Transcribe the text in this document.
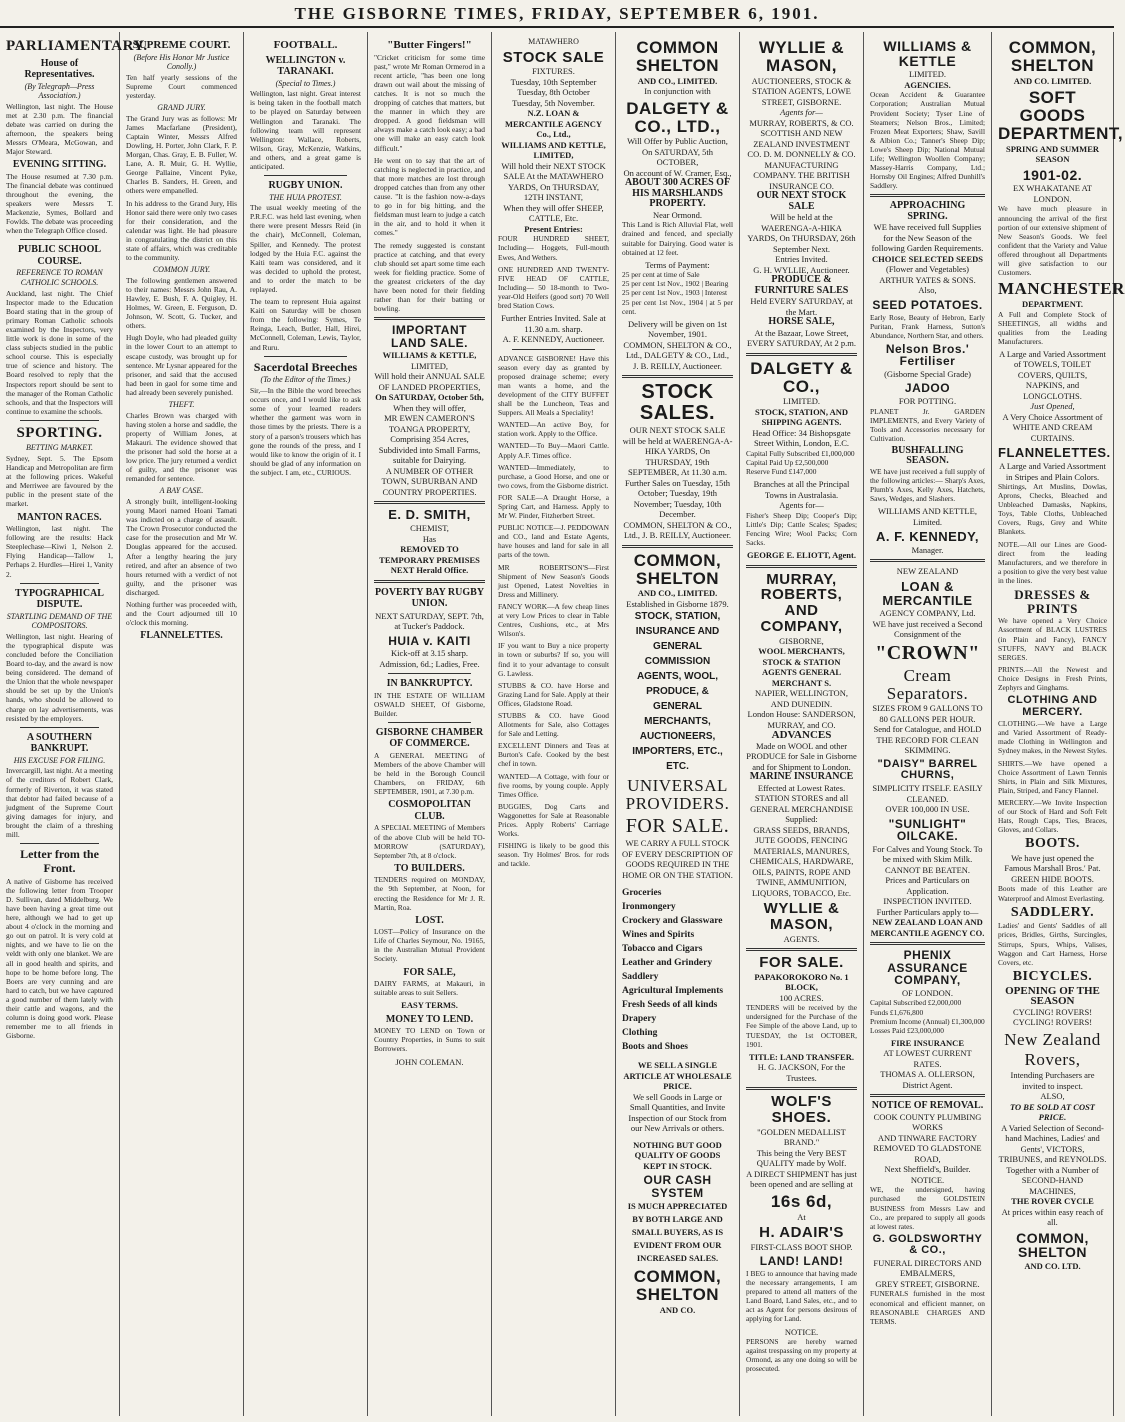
THE GISBORNE TIMES, FRIDAY, SEPTEMBER 6, 1901.
PARLIAMENTARY.
House of Representatives.
(By Telegraph—Press Association.)
Wellington, last night. The House met at 2.30 p.m. The financial debate was carried on during the afternoon, the speakers being Messrs O'Meara, McGowan, and Major Steward.
EVENING SITTING.
The House resumed at 7.30 p.m. The financial debate was continued throughout the evening, the speakers were Messrs T. Mackenzie, Symes, Bollard and Fowlds. The debate was proceeding when the Telegraph Office closed.
PUBLIC SCHOOL COURSE.
REFERENCE TO ROMAN CATHOLIC SCHOOLS.
Auckland, last night. The Chief Inspector made to the Education Board stating that in the group of primary Roman Catholic schools examined by the Inspectors, very little work is done in some of the class subjects studied in the public school course. This is especially true of science and history. The Board resolved to reply that the Inspectors report should be sent to the manager of the Roman Catholic schools, and that the Inspectors will continue to examine the schools.
SPORTING.
BETTING MARKET.
Sydney, Sept. 5. The Epsom Handicap and Metropolitan are firm at the following prices. Wakeful and Merriwee are favoured by the public in the present state of the market.
MANTON RACES.
Wellington, last night. The following are the results: Hack Steeplechase—Kiwi 1, Nelson 2. Flying Handicap—Tallow 1, Perhaps 2. Hurdles—Hirei 1, Vanity 2.
TYPOGRAPHICAL DISPUTE.
STARTLING DEMAND OF THE COMPOSITORS.
Wellington, last night. Hearing of the typographical dispute was concluded before the Conciliation Board to-day, and the award is now being considered. The demand of the Union that the whole newspaper should be set up by the Union's hands, who should be allowed to charge on lay advertisements, was resisted by the employers.
A SOUTHERN BANKRUPT.
HIS EXCUSE FOR FILING.
Invercargill, last night. At a meeting of the creditors of Robert Clark, formerly of Riverton, it was stated that debtor had failed because of a judgment of the Supreme Court giving damages for injury, and brought the claim of a threshing mill.
Letter from the Front.
A native of Gisborne has received the following letter from Trooper D. Sullivan, dated Middelburg. We have been having a great time out here, although we had to get up about 4 o'clock in the morning and go out on patrol. It is very cold at nights, and we have to lie on the veldt with only one blanket. We are all in good health and spirits, and hope to be home before long. The Boers are very cunning and are hard to catch, but we have captured a good number of them lately with their cattle and wagons, and the column is doing good work. Please remember me to all friends in Gisborne.
SUPREME COURT.
(Before His Honor Mr Justice Conolly.)
Ten half yearly sessions of the Supreme Court commenced yesterday.
GRAND JURY.
The Grand Jury was as follows: Mr James Macfarlane (President), Captain Winter, Messrs Alfred Dowling, H. Porter, John Clark, F. P. Morgan, Chas. Gray, E. B. Fuller, W. Lane, A. R. Muir, G. H. Wyllie, George Pallaine, Vincent Pyke, Charles B. Sanders, H. Green, and others were empanelled.
In his address to the Grand Jury, His Honor said there were only two cases for their consideration, and the calendar was light. He had pleasure in congratulating the district on this state of affairs, which was creditable to the community.
COMMON JURY.
The following gentlemen answered to their names: Messrs John Rau, A. Hawley, E. Bush, F. A. Quigley, H. Holmes, W. Green, E. Ferguson, D. Johnson, W. Scott, G. Tucker, and others.
Hugh Doyle, who had pleaded guilty in the lower Court to an attempt to escape custody, was brought up for sentence. Mr Lysnar appeared for the prisoner, and said that the accused had been in gaol for some time and had already been severely punished.
THEFT.
Charles Brown was charged with having stolen a horse and saddle, the property of William Jones, at Makauri. The evidence showed that the prisoner had sold the horse at a low price. The jury returned a verdict of guilty, and the prisoner was remanded for sentence.
A BAY CASE.
A strongly built, intelligent-looking young Maori named Hoani Tamati was indicted on a charge of assault. The Crown Prosecutor conducted the case for the prosecution and Mr W. Douglas appeared for the accused. After a lengthy hearing the jury retired, and after an absence of two hours returned with a verdict of not guilty, and the prisoner was discharged.
Nothing further was proceeded with, and the Court adjourned till 10 o'clock this morning.
FLANNELETTES.
FOOTBALL.
WELLINGTON v. TARANAKI.
(Special to Times.)
Wellington, last night. Great interest is being taken in the football match to be played on Saturday between Wellington and Taranaki. The following team will represent Wellington: Wallace, Roberts, Wilson, Gray, McKenzie, Watkins, and others, and a great game is anticipated.
RUGBY UNION.
THE HUIA PROTEST.
The usual weekly meeting of the P.R.F.C. was held last evening, when there were present Messrs Reid (in the chair), McConnell, Coleman, Spiller, and Kennedy. The protest lodged by the Huia F.C. against the Kaiti team was considered, and it was decided to uphold the protest, and to order the match to be replayed.
The team to represent Huia against Kaiti on Saturday will be chosen from the following: Symes, Te Reinga, Leach, Butler, Hall, Hirei, McConnell, Coleman, Lewis, Taylor, and Ruru.
Sacerdotal Breeches
(To the Editor of the Times.)
Sir,—In the Bible the word breeches occurs once, and I would like to ask some of your learned readers whether the garment was worn in those times by the priests. There is a story of a parson's trousers which has gone the rounds of the press, and I would like to know the origin of it. I should be glad of any information on the subject. I am, etc., CURIOUS.
"Butter Fingers!"
"Cricket criticism for some time past," wrote Mr Roman Ormerod in a recent article, "has been one long drawn out wail about the missing of catches. It is not so much the dropping of catches that matters, but the manner in which they are dropped. A good fieldsman will always make a catch look easy; a bad one will make an easy catch look difficult."
He went on to say that the art of catching is neglected in practice, and that more matches are lost through dropped catches than from any other cause. "It is the fashion now-a-days to go in for big hitting, and the fieldsman must learn to judge a catch in the air, and to hold it when it comes."
The remedy suggested is constant practice at catching, and that every club should set apart some time each week for fielding practice. Some of the greatest cricketers of the day have been noted for their fielding rather than for their batting or bowling.
IMPORTANT LAND SALE.
WILLIAMS & KETTLE,
LIMITED,
Will hold their ANNUAL SALE OF LANDED PROPERTIES,
On SATURDAY, October 5th,
When they will offer,
MR EWEN CAMERON'S TOANGA PROPERTY, Comprising 354 Acres, Subdivided into Small Farms, suitable for Dairying.
A NUMBER OF OTHER TOWN, SUBURBAN AND COUNTRY PROPERTIES.
E. D. SMITH,
CHEMIST,
Has
REMOVED TO TEMPORARY PREMISES NEXT Herald Office.
POVERTY BAY RUGBY UNION.
NEXT SATURDAY, SEPT. 7th, at Tucker's Paddock.
HUIA v. KAITI
Kick-off at 3.15 sharp.
Admission, 6d.; Ladies, Free.
IN BANKRUPTCY.
IN THE ESTATE OF WILLIAM OSWALD SHEET, Of Gisborne, Builder.
GISBORNE CHAMBER OF COMMERCE.
A GENERAL MEETING of Members of the above Chamber will be held in the Borough Council Chambers, on FRIDAY, 6th SEPTEMBER, 1901, at 7.30 p.m.
COSMOPOLITAN CLUB.
A SPECIAL MEETING of Members of the above Club will be held TO-MORROW (SATURDAY), September 7th, at 8 o'clock.
TO BUILDERS.
TENDERS required on MONDAY, the 9th September, at Noon, for erecting the Residence for Mr J. R. Martin, Roa.
LOST.
LOST—Policy of Insurance on the Life of Charles Seymour, No. 19165, in the Australian Mutual Provident Society.
FOR SALE,
DAIRY FARMS, at Makauri, in suitable areas to suit Sellers.
EASY TERMS.
MONEY TO LEND.
MONEY TO LEND on Town or Country Properties, in Sums to suit Borrowers.
JOHN COLEMAN.
MATAWHERO
STOCK SALE
FIXTURES.
Tuesday, 10th September
Tuesday, 8th October
Tuesday, 5th November.
N.Z. LOAN & MERCANTILE AGENCY Co., Ltd.,
WILLIAMS AND KETTLE, LIMITED,
Will hold their NEXT STOCK SALE At the MATAWHERO YARDS, On THURSDAY, 12TH INSTANT,
When they will offer SHEEP, CATTLE, Etc.
Present Entries:
FOUR HUNDRED SHEET, Including— Hoggets, Full-mouth Ewes, And Wethers.
ONE HUNDRED AND TWENTY-FIVE HEAD OF CATTLE, Including— 50 18-month to Two-year-Old Heifers (good sort) 70 Well bred Station Cows.
Further Entries Invited. Sale at 11.30 a.m. sharp.
A. F. KENNEDY, Auctioneer.
ADVANCE GISBORNE! Have this season every day as granted by proposed drainage scheme; every man wants a home, and the development of the CITY BUFFET shall be the Luncheon, Teas and Suppers. All Meals a Speciality!
WANTED—An active Boy, for station work. Apply to the Office.
WANTED—To Buy—Maori Cattle. Apply A.F. Times office.
WANTED—Immediately, to purchase, a Good Horse, and one or two cows, from the Gisborne district.
FOR SALE—A Draught Horse, a Spring Cart, and Harness. Apply to Mr W. Pinder, Fitzherbert Street.
PUBLIC NOTICE—J. PEDDOWAN and CO., land and Estate Agents, have houses and land for sale in all parts of the town.
MR ROBERTSON'S—First Shipment of New Season's Goods just Opened, Latest Novelties in Dress and Millinery.
FANCY WORK—A few cheap lines at very Low Prices to clear in Table Centres, Cushions, etc., at Mrs Wilson's.
IF you want to Buy a nice property in town or suburbs? If so, you will find it to your advantage to consult G. Lawless.
STUBBS & CO. have Horse and Grazing Land for Sale. Apply at their Offices, Gladstone Road.
STUBBS & CO. have Good Allotments for Sale, also Cottages for Sale and Letting.
EXCELLENT Dinners and Teas at Burton's Cafe. Cooked by the best chef in town.
WANTED—A Cottage, with four or five rooms, by young couple. Apply Times Office.
BUGGIES, Dog Carts and Waggonettes for Sale at Reasonable Prices. Apply Roberts' Carriage Works.
FISHING is likely to be good this season. Try Holmes' Bros. for rods and tackle.
COMMON SHELTON
AND CO., LIMITED.
In conjunction with
DALGETY & CO., LTD.,
Will Offer by Public Auction, On SATURDAY, 5th OCTOBER,
On account of W. Cramer, Esq.,
ABOUT 300 ACRES OF HIS MARSHLANDS PROPERTY.
Near Ormond.
This Land is Rich Alluvial Flat, well drained and fenced, and specially suitable for Dairying. Good water is obtained at 12 feet.
Terms of Payment:
25 per cent at time of Sale
25 per cent 1st Nov., 1902 | Bearing
25 per cent 1st Nov., 1903 | Interest
25 per cent 1st Nov., 1904 | at 5 per cent.
Delivery will be given on 1st November, 1901.
COMMON, SHELTON & CO., Ltd., DALGETY & CO., Ltd.,
J. B. REILLY, Auctioneer.
STOCK SALES.
OUR NEXT STOCK SALE will be held at WAERENGA-A-HIKA YARDS, On THURSDAY, 19th SEPTEMBER, At 11.30 a.m.
Further Sales on Tuesday, 15th October; Tuesday, 19th November; Tuesday, 10th December.
COMMON, SHELTON & CO., Ltd., J. B. REILLY, Auctioneer.
COMMON, SHELTON
AND CO., LIMITED.
Established in Gisborne 1879.
STOCK, STATION, INSURANCE AND GENERAL COMMISSION AGENTS, WOOL, PRODUCE, & GENERAL MERCHANTS, AUCTIONEERS, IMPORTERS, ETC., ETC.
UNIVERSAL PROVIDERS.
FOR SALE.
WE CARRY A FULL STOCK OF EVERY DESCRIPTION OF GOODS REQUIRED IN THE HOME OR ON THE STATION.
Groceries
Ironmongery
Crockery and Glassware
Wines and Spirits
Tobacco and Cigars
Leather and Grindery
Saddlery
Agricultural Implements
Fresh Seeds of all kinds
Drapery
Clothing
Boots and Shoes
WE SELL A SINGLE ARTICLE AT WHOLESALE PRICE.
We sell Goods in Large or Small Quantities, and Invite Inspection of our Stock from our New Arrivals or others.
NOTHING BUT GOOD QUALITY OF GOODS KEPT IN STOCK.
OUR CASH SYSTEM
IS MUCH APPRECIATED BY BOTH LARGE AND SMALL BUYERS, AS IS EVIDENT FROM OUR INCREASED SALES.
COMMON, SHELTON
AND CO.
WYLLIE & MASON,
AUCTIONEERS, STOCK & STATION AGENTS, LOWE STREET, GISBORNE.
Agents for—
MURRAY, ROBERTS, & CO. SCOTTISH AND NEW ZEALAND INVESTMENT CO. D. M. DONNELLY & CO. MANUFACTURING COMPANY. THE BRITISH INSURANCE CO.
OUR NEXT STOCK SALE
Will be held at the WAERENGA-A-HIKA YARDS, On THURSDAY, 26th September Next.
Entries Invited.
G. H. WYLLIE, Auctioneer.
PRODUCE & FURNITURE SALES
Held EVERY SATURDAY, at the Mart.
HORSE SALE,
At the Bazaar, Lowe Street, EVERY SATURDAY, At 2 p.m.
DALGETY & CO.,
LIMITED.
STOCK, STATION, AND SHIPPING AGENTS.
Head Office: 34 Bishopsgate Street Within, London, E.C.
Capital Fully Subscribed £1,000,000
Capital Paid Up £2,500,000
Reserve Fund £147,000
Branches at all the Principal Towns in Australasia.
Agents for—
Fisher's Sheep Dip; Cooper's Dip; Little's Dip; Cattle Scales; Spades; Fencing Wire; Wool Packs; Corn Sacks.
GEORGE E. ELIOTT, Agent.
MURRAY, ROBERTS, AND COMPANY,
GISBORNE,
WOOL MERCHANTS, STOCK & STATION AGENTS GENERAL MERCHANT S.
NAPIER, WELLINGTON, AND DUNEDIN.
London House: SANDERSON, MURRAY, and CO.
ADVANCES
Made on WOOL and other PRODUCE for Sale in Gisborne and for Shipment to London.
MARINE INSURANCE
Effected at Lowest Rates.
STATION STORES and all GENERAL MERCHANDISE Supplied:
GRASS SEEDS, BRANDS, JUTE GOODS, FENCING MATERIALS, MANURES, CHEMICALS, HARDWARE, OILS, PAINTS, ROPE AND TWINE, AMMUNITION, LIQUORS, TOBACCO, Etc.
WYLLIE & MASON,
AGENTS.
FOR SALE.
PAPAKOROKORO No. 1 BLOCK,
100 ACRES.
TENDERS will be received by the undersigned for the Purchase of the Fee Simple of the above Land, up to TUESDAY, the 1st OCTOBER, 1901.
TITLE: LAND TRANSFER.
H. G. JACKSON, For the Trustees.
WOLF'S SHOES.
"GOLDEN MEDALLIST BRAND."
This being the Very BEST QUALITY made by Wolf.
A DIRECT SHIPMENT has just been opened and are selling at
16s 6d,
At
H. ADAIR'S
FIRST-CLASS BOOT SHOP.
LAND! LAND!
I BEG to announce that having made the necessary arrangements, I am prepared to attend all matters of the Land Board, Land Sales, etc., and to act as Agent for persons desirous of applying for Land.
NOTICE.
PERSONS are hereby warned against trespassing on my property at Ormond, as any one doing so will be prosecuted.
WILLIAMS & KETTLE
LIMITED.
AGENCIES.
Ocean Accident & Guarantee Corporation; Australian Mutual Provident Society; Tyser Line of Steamers; Nelson Bros., Limited; Frozen Meat Exporters; Shaw, Savill & Albion Co.; Tanner's Sheep Dip; Lowe's Sheep Dip; National Mutual Life; Wellington Woollen Company; Massey-Harris Company, Ltd.; Hornsby Oil Engines; Alfred Dunhill's Saddlery.
APPROACHING SPRING.
WE have received full Supplies for the New Season of the following Garden Requirements.
CHOICE SELECTED SEEDS
(Flower and Vegetables)
ARTHUR YATES & SONS.
Also,
SEED POTATOES.
Early Rose, Beauty of Hebron, Early Puritan, Frank Harness, Sutton's Abundance, Northern Star, and others.
Nelson Bros.' Fertiliser
(Gisborne Special Grade)
JADOO
FOR POTTING.
PLANET Jr. GARDEN IMPLEMENTS, and Every Variety of Tools and Accessories necessary for Cultivation.
BUSHFALLING SEASON.
WE have just received a full supply of the following articles:— Sharp's Axes, Plumb's Axes, Kelly Axes, Hatchets, Saws, Wedges, and Slashers.
WILLIAMS AND KETTLE, Limited.
A. F. KENNEDY,
Manager.
NEW ZEALAND
LOAN & MERCANTILE
AGENCY COMPANY, Ltd.
WE have just received a Second Consignment of the
"CROWN"
Cream Separators.
SIZES FROM 9 GALLONS TO 80 GALLONS PER HOUR. Send for Catalogue, and HOLD THE RECORD FOR CLEAN SKIMMING.
"DAISY" BARREL CHURNS,
SIMPLICITY ITSELF. EASILY CLEANED.
OVER 100,000 IN USE.
"SUNLIGHT" OILCAKE.
For Calves and Young Stock. To be mixed with Skim Milk. CANNOT BE BEATEN.
Prices and Particulars on Application.
INSPECTION INVITED.
Further Particulars apply to—
NEW ZEALAND LOAN AND MERCANTILE AGENCY CO.
PHENIX ASSURANCE COMPANY,
OF LONDON.
Capital Subscribed £2,000,000
Funds £1,676,800
Premium Income (Annual) £1,300,000
Losses Paid £23,000,000
FIRE INSURANCE
AT LOWEST CURRENT RATES.
THOMAS A. OLLERSON, District Agent.
NOTICE OF REMOVAL.
COOK COUNTY PLUMBING WORKS
AND TINWARE FACTORY
REMOVED TO GLADSTONE ROAD,
Next Sheffield's, Builder.
NOTICE.
WE, the undersigned, having purchased the GOLDSTEIN BUSINESS from Messrs Law and Co., are prepared to supply all goods at lowest rates.
G. GOLDSWORTHY & CO.,
FUNERAL DIRECTORS AND EMBALMERS,
GREY STREET, GISBORNE.
FUNERALS furnished in the most economical and efficient manner, on REASONABLE CHARGES AND TERMS.
COMMON, SHELTON
AND CO. LIMITED.
SOFT GOODS DEPARTMENT,
SPRING AND SUMMER SEASON
1901-02.
EX WHAKATANE AT LONDON.
We have much pleasure in announcing the arrival of the first portion of our extensive shipment of New Season's Goods. We feel confident that the Variety and Value offered throughout all Departments will give satisfaction to our Customers.
MANCHESTER
DEPARTMENT.
A Full and Complete Stock of SHEETINGS, all widths and qualities from the Leading Manufacturers.
A Large and Varied Assortment of TOWELS, TOILET COVERS, QUILTS, NAPKINS, and LONGCLOTHS.
Just Opened,
A Very Choice Assortment of WHITE AND CREAM CURTAINS.
FLANNELETTES.
A Large and Varied Assortment in Stripes and Plain Colors.
Shirtings, Art Muslins, Dowlas, Aprons, Checks, Bleached and Unbleached Damasks, Napkins, Toys, Table Cloths, Unbleached Covers, Rugs, Grey and White Blankets.
NOTE.—All our Lines are Good-direct from the leading Manufacturers, and we therefore in a position to give the very best value in the lines.
DRESSES & PRINTS
We have opened a Very Choice Assortment of BLACK LUSTRES (in Plain and Fancy), FANCY STUFFS, NAVY and BLACK SERGES.
PRINTS.—All the Newest and Choice Designs in Fresh Prints, Zephyrs and Ginghams.
CLOTHING AND MERCERY.
CLOTHING.—We have a Large and Varied Assortment of Ready-made Clothing in Wellington and Sydney makes, in the Newest Styles.
SHIRTS.—We have opened a Choice Assortment of Lawn Tennis Shirts, in Plain and Silk Mixtures, Plain, Striped, and Fancy Flannel.
MERCERY.—We Invite Inspection of our Stock of Hard and Soft Felt Hats, Rough Caps, Ties, Braces, Gloves, and Collars.
BOOTS.
We have just opened the Famous Marshall Bros.' Pat. GREEN HIDE BOOTS.
Boots made of this Leather are Waterproof and Almost Everlasting.
SADDLERY.
Ladies' and Gents' Saddles of all prices, Bridles, Girths, Surcingles, Stirrups, Spurs, Whips, Valises, Waggon and Cart Harness, Horse Covers, etc.
BICYCLES.
OPENING OF THE SEASON
CYCLING! ROVERS! CYCLING! ROVERS!
New Zealand
Rovers,
Intending Purchasers are invited to inspect.
ALSO,
TO BE SOLD AT COST PRICE.
A Varied Selection of Second-hand Machines, Ladies' and Gents', VICTORS, TRIBUNES, and REYNOLDS.
Together with a Number of SECOND-HAND MACHINES,
THE ROVER CYCLE
At prices within easy reach of all.
COMMON, SHELTON
AND CO. LTD.
